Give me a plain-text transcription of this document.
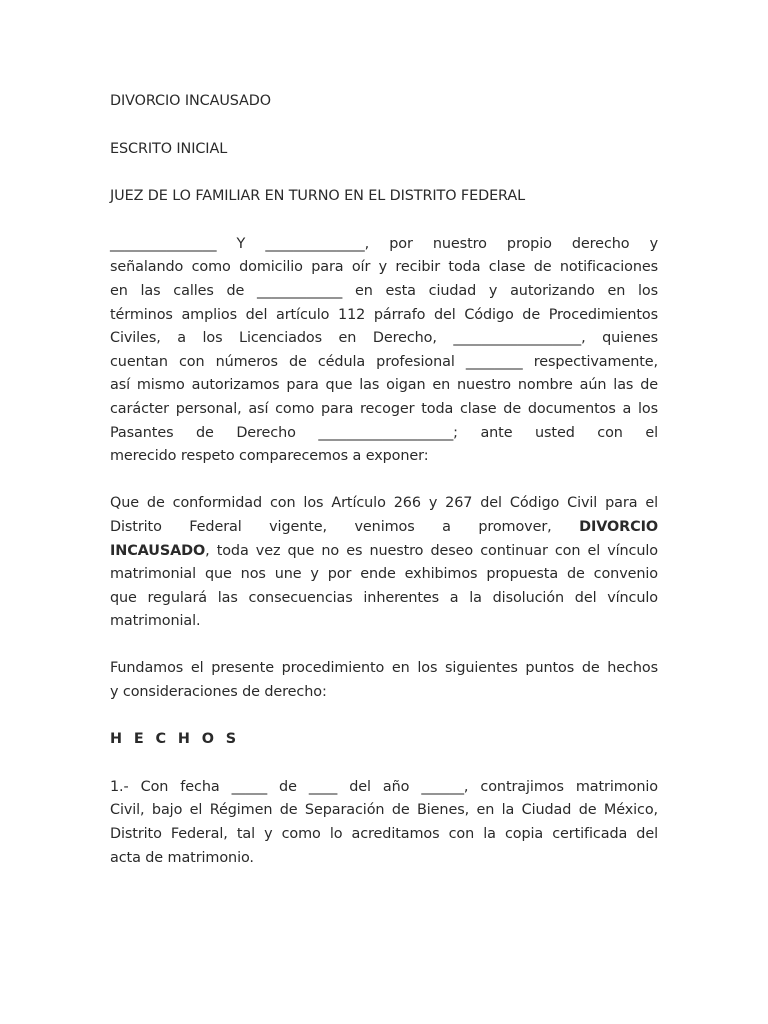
DIVORCIO INCAUSADO
ESCRITO INICIAL
JUEZ DE LO FAMILIAR EN TURNO EN EL DISTRITO FEDERAL
_______________ Y ______________, por nuestro propio derecho y
señalando como domicilio para oír y recibir toda clase de notificaciones
en las calles de ____________ en esta ciudad y autorizando en los
términos amplios del artículo 112 párrafo del Código de Procedimientos
Civiles, a los Licenciados en Derecho, __________________, quienes
cuentan con números de cédula profesional ________ respectivamente,
así mismo autorizamos para que las oigan en nuestro nombre aún las de
carácter personal, así como para recoger toda clase de documentos a los
Pasantes de Derecho ___________________; ante usted con el
merecido respeto comparecemos a exponer:
Que de conformidad con los Artículo 266 y 267 del Código Civil para el
Distrito Federal vigente, venimos a promover, DIVORCIO
INCAUSADO, toda vez que no es nuestro deseo continuar con el vínculo
matrimonial que nos une y por ende exhibimos propuesta de convenio
que regulará las consecuencias inherentes a la disolución del vínculo
matrimonial.
Fundamos el presente procedimiento en los siguientes puntos de hechos
y consideraciones de derecho:
H E C H O S
1.- Con fecha _____ de ____ del año ______, contrajimos matrimonio
Civil, bajo el Régimen de Separación de Bienes, en la Ciudad de México,
Distrito Federal, tal y como lo acreditamos con la copia certificada del
acta de matrimonio.
